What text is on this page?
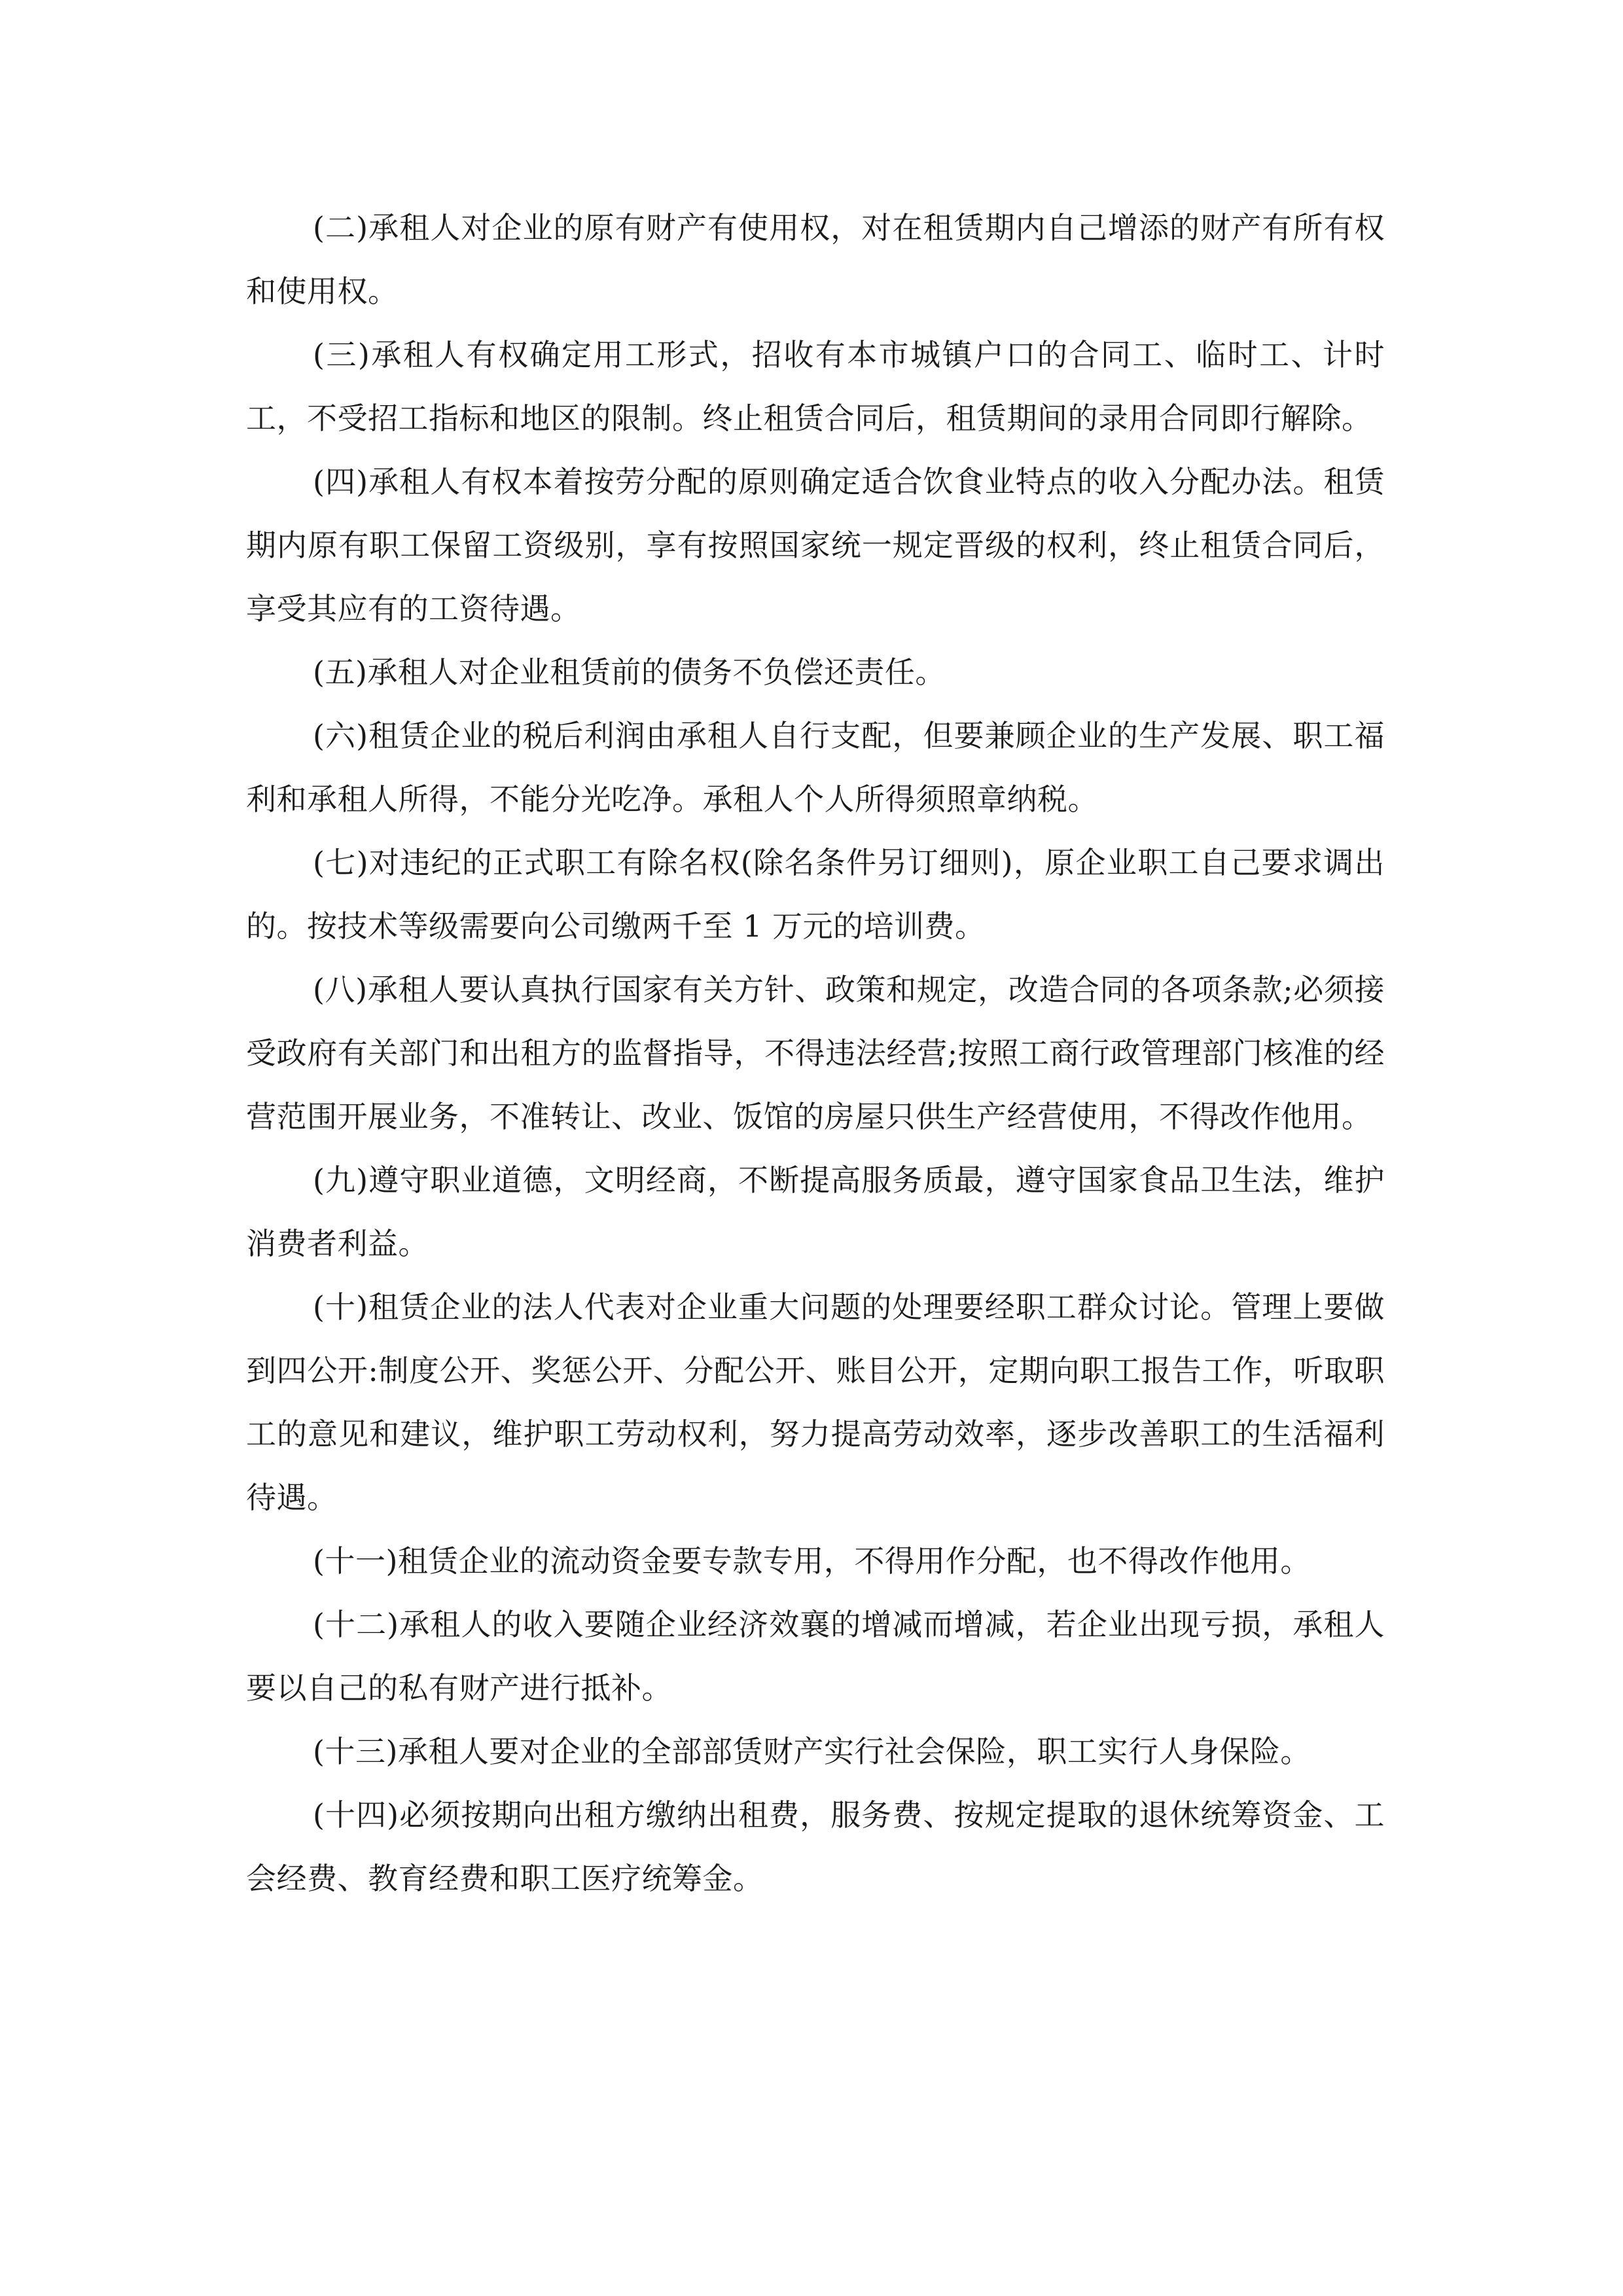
(二)承租人对企业的原有财产有使用权，对在租赁期内自己增添的财产有所有权和使用权。

(三)承租人有权确定用工形式，招收有本市城镇户口的合同工、临时工、计时工，不受招工指标和地区的限制。终止租赁合同后，租赁期间的录用合同即行解除。

(四)承租人有权本着按劳分配的原则确定适合饮食业特点的收入分配办法。租赁期内原有职工保留工资级别，享有按照国家统一规定晋级的权利，终止租赁合同后，享受其应有的工资待遇。

(五)承租人对企业租赁前的债务不负偿还责任。

(六)租赁企业的税后利润由承租人自行支配，但要兼顾企业的生产发展、职工福利和承租人所得，不能分光吃净。承租人个人所得须照章纳税。

(七)对违纪的正式职工有除名权(除名条件另订细则)，原企业职工自己要求调出的。按技术等级需要向公司缴两千至 1 万元的培训费。

(八)承租人要认真执行国家有关方针、政策和规定，改造合同的各项条款;必须接受政府有关部门和出租方的监督指导，不得违法经营;按照工商行政管理部门核准的经营范围开展业务，不准转让、改业、饭馆的房屋只供生产经营使用，不得改作他用。

(九)遵守职业道德，文明经商，不断提高服务质最，遵守国家食品卫生法，维护消费者利益。

(十)租赁企业的法人代表对企业重大问题的处理要经职工群众讨论。管理上要做到四公开:制度公开、奖惩公开、分配公开、账目公开，定期向职工报告工作，听取职工的意见和建议，维护职工劳动权利，努力提高劳动效率，逐步改善职工的生活福利待遇。

(十一)租赁企业的流动资金要专款专用，不得用作分配，也不得改作他用。

(十二)承租人的收入要随企业经济效襄的增减而增减，若企业出现亏损，承租人要以自己的私有财产进行抵补。

(十三)承租人要对企业的全部部赁财产实行社会保险，职工实行人身保险。

(十四)必须按期向出租方缴纳出租费，服务费、按规定提取的退休统筹资金、工会经费、教育经费和职工医疗统筹金。
